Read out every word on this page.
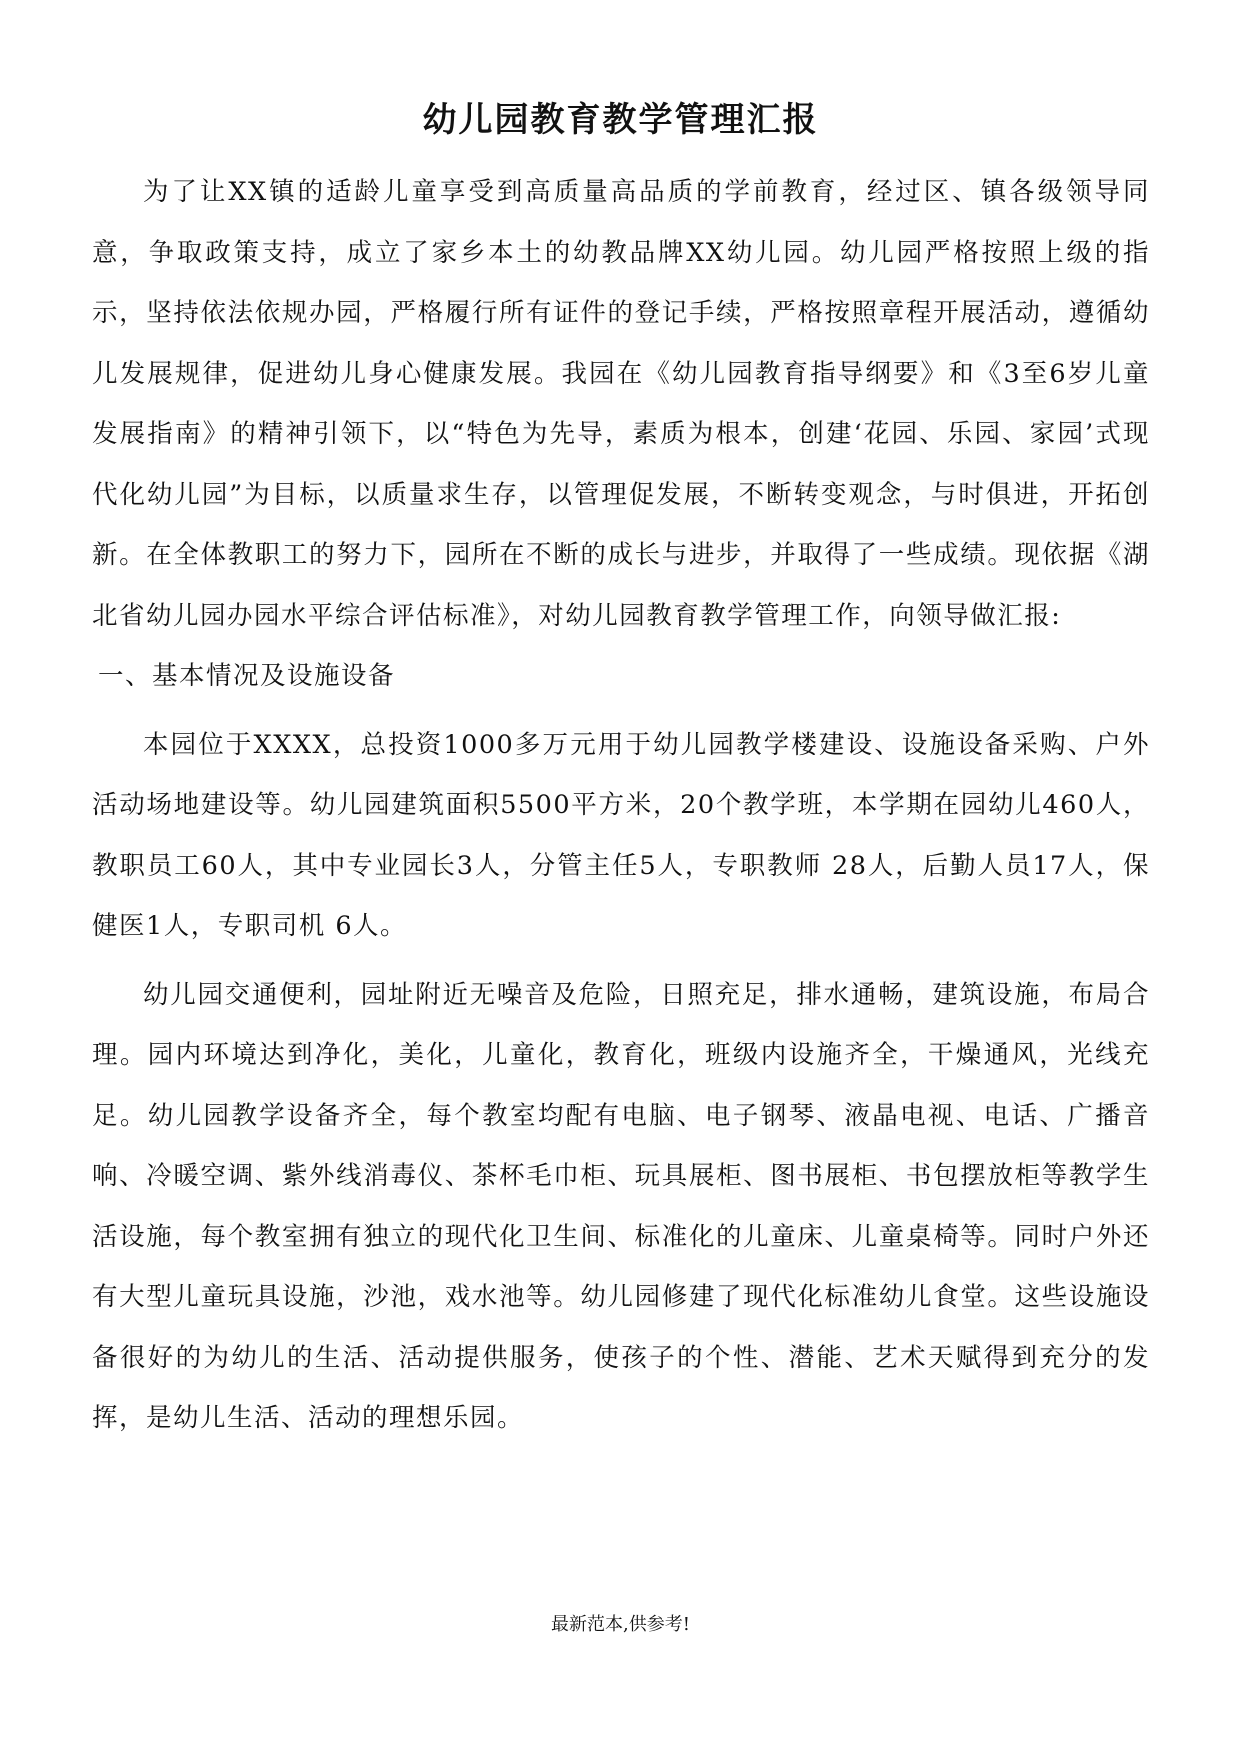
幼儿园教育教学管理汇报

为了让XX镇的适龄儿童享受到高质量高品质的学前教育，经过区、镇各级领导同意，争取政策支持，成立了家乡本土的幼教品牌XX幼儿园。幼儿园严格按照上级的指示，坚持依法依规办园，严格履行所有证件的登记手续，严格按照章程开展活动，遵循幼儿发展规律，促进幼儿身心健康发展。我园在《幼儿园教育指导纲要》和《3至6岁儿童发展指南》的精神引领下，以“特色为先导，素质为根本，创建‘花园、乐园、家园’式现代化幼儿园”为目标，以质量求生存，以管理促发展，不断转变观念，与时俱进，开拓创新。在全体教职工的努力下，园所在不断的成长与进步，并取得了一些成绩。现依据《湖北省幼儿园办园水平综合评估标准》，对幼儿园教育教学管理工作，向领导做汇报:

一、基本情况及设施设备

本园位于XXXX，总投资1000多万元用于幼儿园教学楼建设、设施设备采购、户外活动场地建设等。幼儿园建筑面积5500平方米，20个教学班，本学期在园幼儿460人，教职员工60人，其中专业园长3人，分管主任5人，专职教师 28人，后勤人员17人，保健医1人，专职司机 6人。

幼儿园交通便利，园址附近无噪音及危险，日照充足，排水通畅，建筑设施，布局合理。园内环境达到净化，美化，儿童化，教育化，班级内设施齐全，干燥通风，光线充足。幼儿园教学设备齐全，每个教室均配有电脑、电子钢琴、液晶电视、电话、广播音响、冷暖空调、紫外线消毒仪、茶杯毛巾柜、玩具展柜、图书展柜、书包摆放柜等教学生活设施，每个教室拥有独立的现代化卫生间、标准化的儿童床、儿童桌椅等。同时户外还有大型儿童玩具设施，沙池，戏水池等。幼儿园修建了现代化标准幼儿食堂。这些设施设备很好的为幼儿的生活、活动提供服务，使孩子的个性、潜能、艺术天赋得到充分的发挥，是幼儿生活、活动的理想乐园。

最新范本,供参考!
